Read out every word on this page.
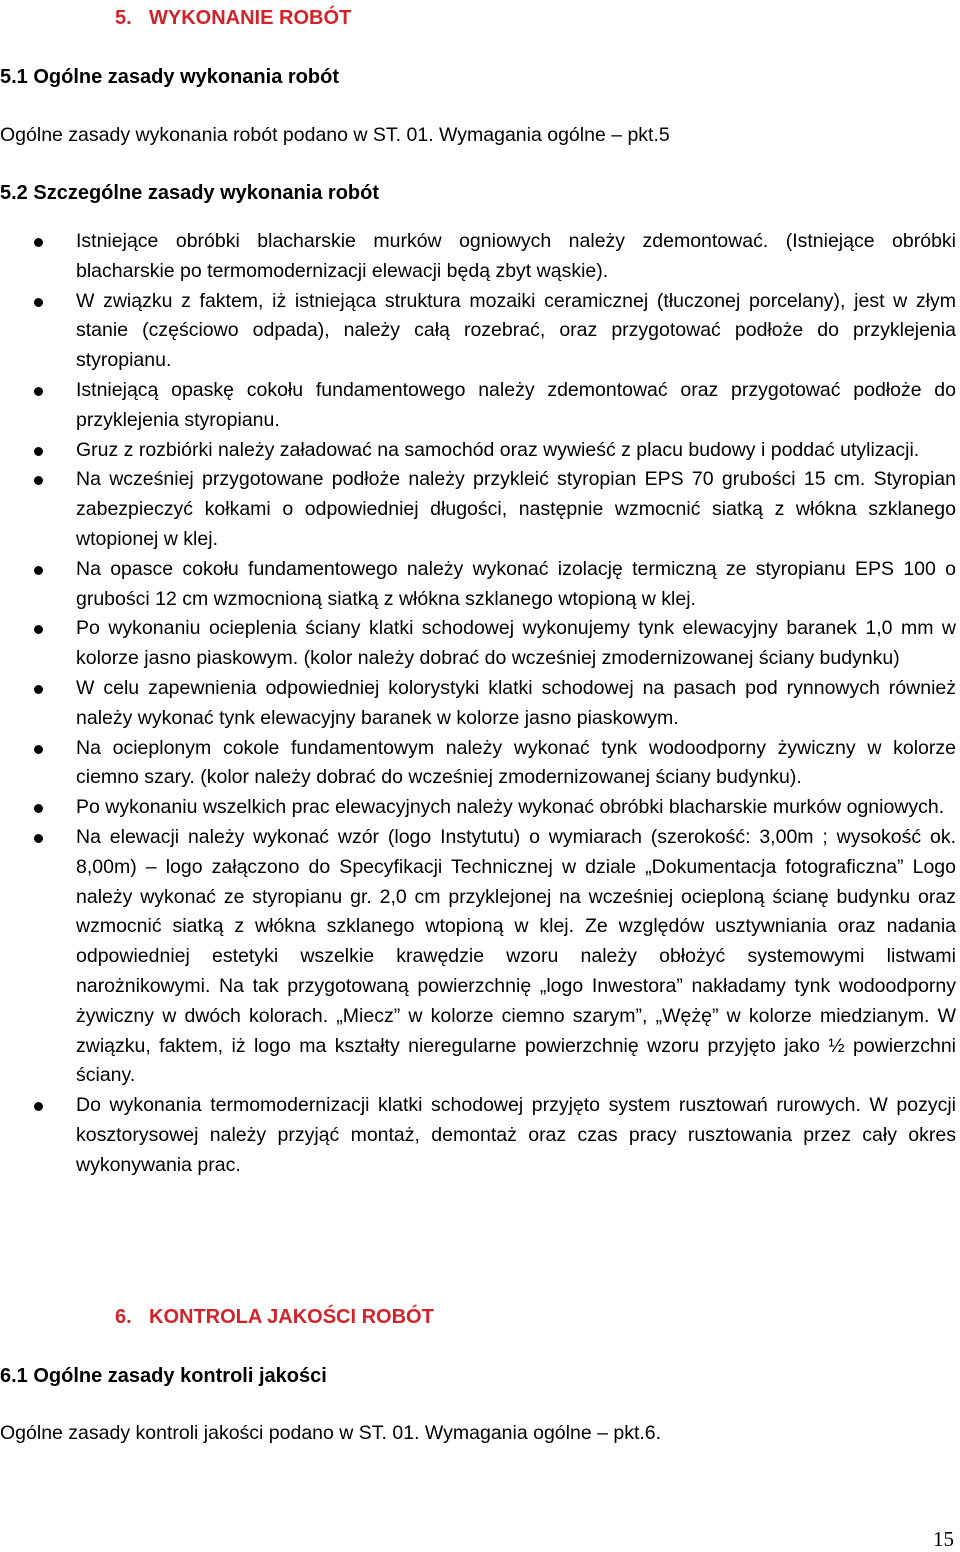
5. WYKONANIE ROBÓT
5.1 Ogólne zasady wykonania robót
Ogólne zasady wykonania robót podano w ST. 01. Wymagania ogólne – pkt.5
5.2 Szczególne zasady wykonania robót
Istniejące obróbki blacharskie murków ogniowych należy zdemontować. (Istniejące obróbki blacharskie po termomodernizacji elewacji będą zbyt wąskie).
W związku z faktem, iż istniejąca struktura mozaiki ceramicznej (tłuczonej porcelany), jest w złym stanie (częściowo odpada), należy całą rozebrać, oraz przygotować podłoże do przyklejenia styropianu.
Istniejącą opaskę cokołu fundamentowego należy zdemontować oraz przygotować podłoże do przyklejenia styropianu.
Gruz z rozbiórki należy załadować na samochód oraz wywieść z placu budowy i poddać utylizacji.
Na wcześniej przygotowane podłoże należy przykleić styropian EPS 70 grubości 15 cm. Styropian zabezpieczyć kołkami o odpowiedniej długości, następnie wzmocnić siatką z włókna szklanego wtopionej w klej.
Na opasce cokołu fundamentowego należy wykonać izolację termiczną ze styropianu EPS 100 o grubości 12 cm wzmocnioną siatką z włókna szklanego wtopioną w klej.
Po wykonaniu ocieplenia ściany klatki schodowej wykonujemy tynk elewacyjny baranek 1,0 mm w kolorze jasno piaskowym. (kolor należy dobrać do wcześniej zmodernizowanej ściany budynku)
W celu zapewnienia odpowiedniej kolorystyki klatki schodowej na pasach pod rynnowych również należy wykonać tynk elewacyjny baranek w kolorze jasno piaskowym.
Na ocieplonym cokole fundamentowym należy wykonać tynk wodoodporny żywiczny w kolorze ciemno szary. (kolor należy dobrać do wcześniej zmodernizowanej ściany budynku).
Po wykonaniu wszelkich prac elewacyjnych należy wykonać obróbki blacharskie murków ogniowych.
Na elewacji należy wykonać wzór (logo Instytutu) o wymiarach (szerokość: 3,00m ; wysokość ok. 8,00m) – logo załączono do Specyfikacji Technicznej w dziale „Dokumentacja fotograficzna” Logo należy wykonać ze styropianu gr. 2,0 cm przyklejonej na wcześniej ocieploną ścianę budynku oraz wzmocnić siatką z włókna szklanego wtopioną w klej. Ze względów usztywniania oraz nadania odpowiedniej estetyki wszelkie krawędzie wzoru należy obłożyć systemowymi listwami narożnikowymi. Na tak przygotowaną powierzchnię „logo Inwestora” nakładamy tynk wodoodporny żywiczny w dwóch kolorach. „Miecz” w kolorze ciemno szarym”, „Wężę” w kolorze miedzianym. W związku, faktem, iż logo ma kształty nieregularne powierzchnię wzoru przyjęto jako ½ powierzchni ściany.
Do wykonania termomodernizacji klatki schodowej przyjęto system rusztowań rurowych. W pozycji kosztorysowej należy przyjąć montaż, demontaż oraz czas pracy rusztowania przez cały okres wykonywania prac.
6. KONTROLA JAKOŚCI ROBÓT
6.1 Ogólne zasady kontroli jakości
Ogólne zasady kontroli jakości podano w ST. 01. Wymagania ogólne – pkt.6.
15
